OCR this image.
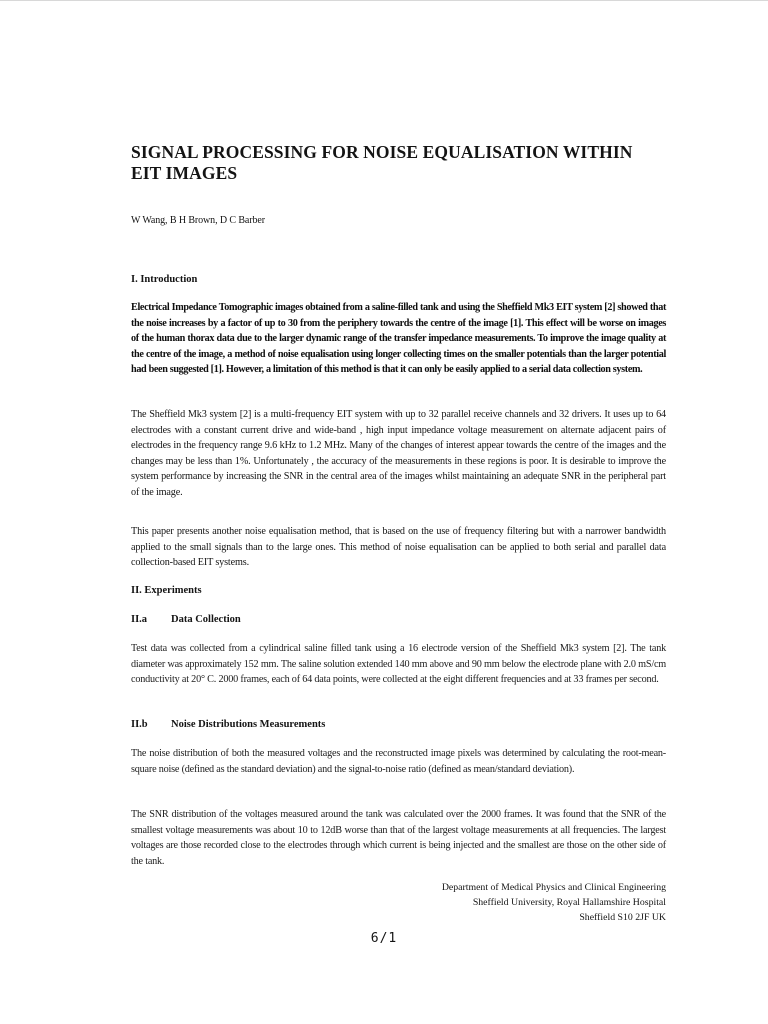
SIGNAL PROCESSING FOR NOISE EQUALISATION WITHIN
EIT IMAGES
W Wang, B H Brown, D C Barber
I. Introduction
Electrical Impedance Tomographic images obtained from a saline-filled tank and using the Sheffield Mk3 EIT system [2] showed that the noise increases by a factor of up to 30 from the periphery towards the centre of the image [1]. This effect will be worse on images of the human thorax data due to the larger dynamic range of the transfer impedance measurements. To improve the image quality at the centre of the image, a method of noise equalisation using longer collecting times on the smaller potentials than the larger potential had been suggested [1]. However, a limitation of this method is that it can only be easily applied to a serial data collection system.
The Sheffield Mk3 system [2] is a multi-frequency EIT system with up to 32 parallel receive channels and 32 drivers. It uses up to 64 electrodes with a constant current drive and wide-band , high input impedance voltage measurement on alternate adjacent pairs of electrodes in the frequency range 9.6 kHz to 1.2 MHz. Many of the changes of interest appear towards the centre of the images and the changes may be less than 1%. Unfortunately , the accuracy of the measurements in these regions is poor. It is desirable to improve the system performance by increasing the SNR in the central area of the images whilst maintaining an adequate SNR in the peripheral part of the image.
This paper presents another noise equalisation method, that is based on the use of frequency filtering but with a narrower bandwidth applied to the small signals than to the large ones. This method of noise equalisation can be applied to both serial and parallel data collection-based EIT systems.
II. Experiments
II.a Data Collection
Test data was collected from a cylindrical saline filled tank using a 16 electrode version of the Sheffield Mk3 system [2]. The tank diameter was approximately 152 mm. The saline solution extended 140 mm above and 90 mm below the electrode plane with 2.0 mS/cm conductivity at 20° C. 2000 frames, each of 64 data points, were collected at the eight different frequencies and at 33 frames per second.
II.b Noise Distributions Measurements
The noise distribution of both the measured voltages and the reconstructed image pixels was determined by calculating the root-mean-square noise (defined as the standard deviation) and the signal-to-noise ratio (defined as mean/standard deviation).
The SNR distribution of the voltages measured around the tank was calculated over the 2000 frames. It was found that the SNR of the smallest voltage measurements was about 10 to 12dB worse than that of the largest voltage measurements at all frequencies. The largest voltages are those recorded close to the electrodes through which current is being injected and the smallest are those on the other side of the tank.
Department of Medical Physics and Clinical Engineering
Sheffield University, Royal Hallamshire Hospital
Sheffield S10 2JF UK
6/1
